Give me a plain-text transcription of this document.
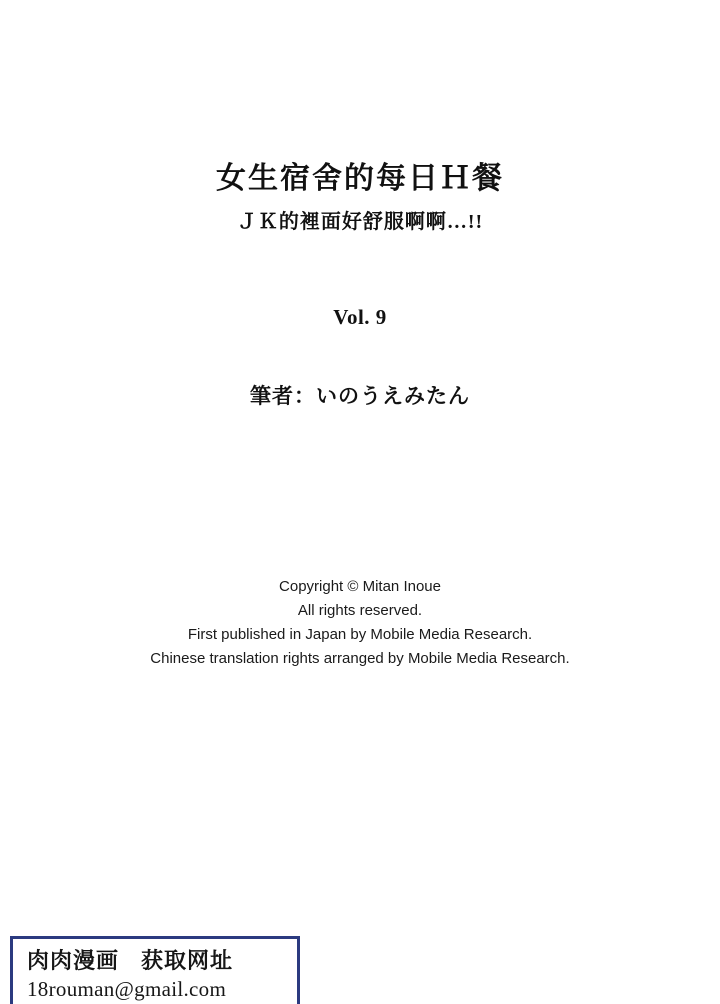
女生宿舍的每日Ｈ餐
ＪＫ的裡面好舒服啊啊…!!
Vol. 9
筆者：いのうえみたん

Copyright © Mitan Inoue

All rights reserved.

First published in Japan by Mobile Media Research.

Chinese translation rights arranged by Mobile Media Research.

肉肉漫画 获取网址
18rouman@gmail.com
